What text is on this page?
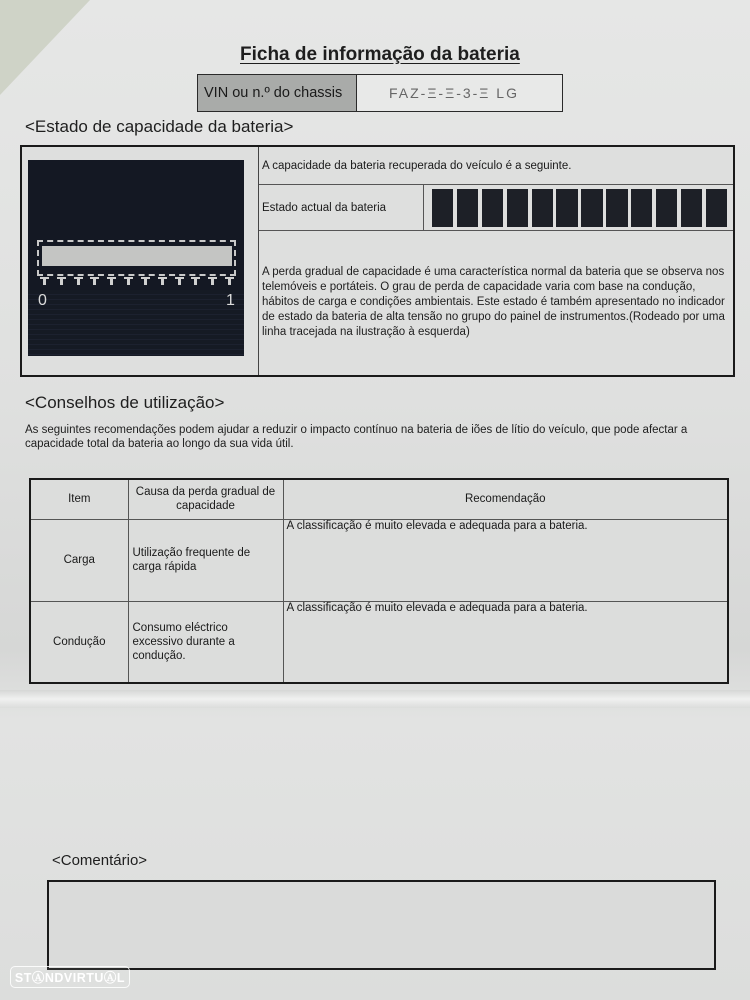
Ficha de informação da bateria
VIN ou n.º do chassis	FAZ-Ξ-Ξ-3-Ξ LG
<Estado de capacidade da bateria>
0	1
A capacidade da bateria recuperada do veículo é a seguinte.
Estado actual da bateria
A perda gradual de capacidade é uma característica normal da bateria que se observa nos telemóveis e portáteis. O grau de perda de capacidade varia com base na condução, hábitos de carga e condições ambientais. Este estado é também apresentado no indicador de estado da bateria de alta tensão no grupo do painel de instrumentos.(Rodeado por uma linha tracejada na ilustração à esquerda)
<Conselhos de utilização>

As seguintes recomendações podem ajudar a reduzir o impacto contínuo na bateria de iões de lítio do veículo, que pode afectar a capacidade total da bateria ao longo da sua vida útil.

Item	Causa da perda gradual de capacidade	Recomendação
Carga	Utilização frequente de carga rápida	A classificação é muito elevada e adequada para a bateria.
Condução	Consumo eléctrico excessivo durante a condução.	A classificação é muito elevada e adequada para a bateria.
<Comentário>
STⒶNDVIRTUⒶL
